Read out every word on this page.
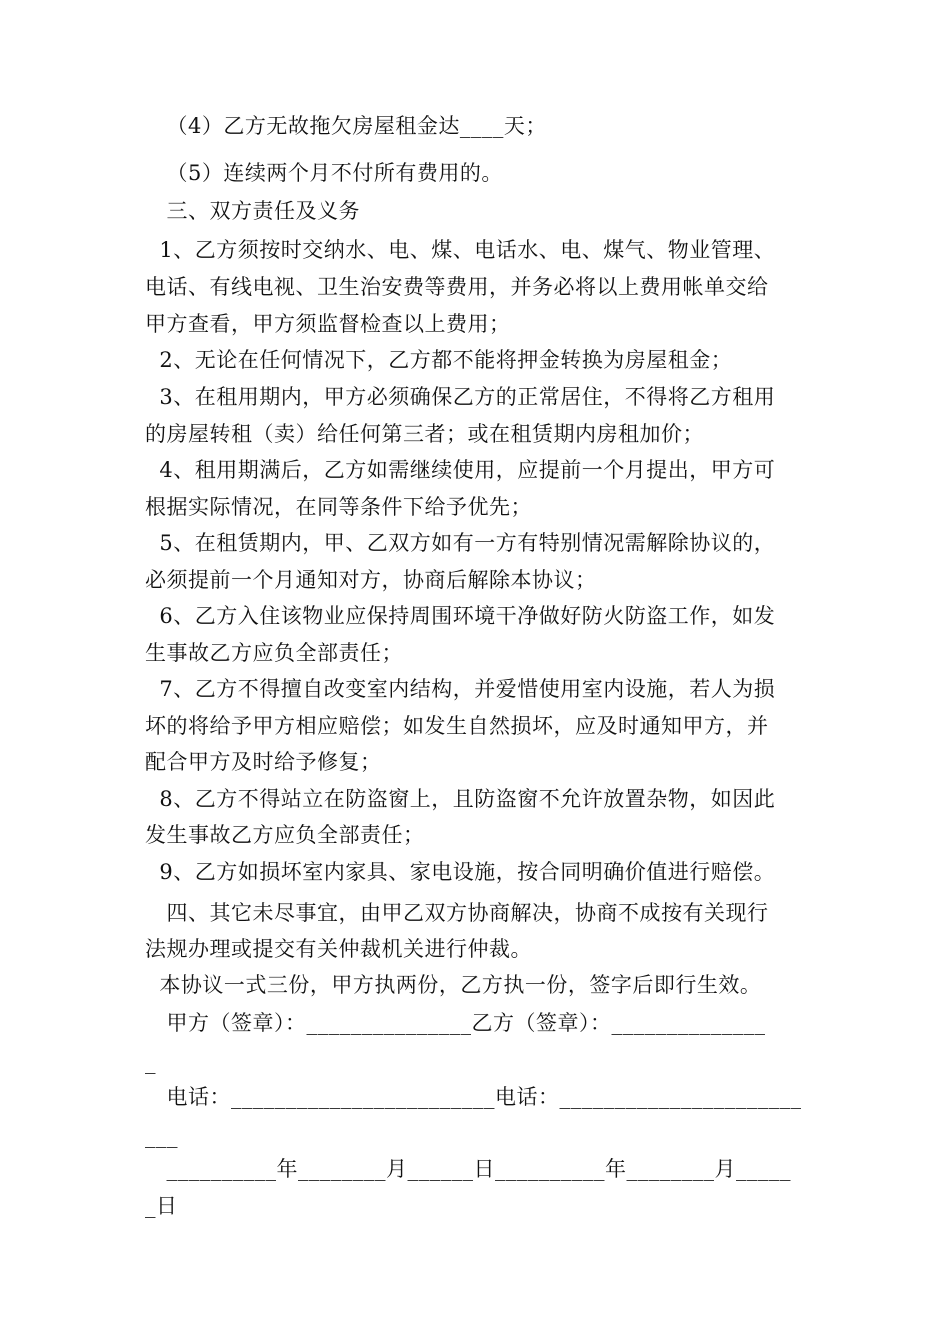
（4）乙方无故拖欠房屋租金达____天；
（5）连续两个月不付所有费用的。
三、双方责任及义务
1、乙方须按时交纳水、电、煤、电话水、电、煤气、物业管理、
电话、有线电视、卫生治安费等费用，并务必将以上费用帐单交给
甲方查看，甲方须监督检查以上费用；
2、无论在任何情况下，乙方都不能将押金转换为房屋租金；
3、在租用期内，甲方必须确保乙方的正常居住，不得将乙方租用
的房屋转租（卖）给任何第三者；或在租赁期内房租加价；
4、租用期满后，乙方如需继续使用，应提前一个月提出，甲方可
根据实际情况，在同等条件下给予优先；
5、在租赁期内，甲、乙双方如有一方有特别情况需解除协议的，
必须提前一个月通知对方，协商后解除本协议；
6、乙方入住该物业应保持周围环境干净做好防火防盗工作，如发
生事故乙方应负全部责任；
7、乙方不得擅自改变室内结构，并爱惜使用室内设施，若人为损
坏的将给予甲方相应赔偿；如发生自然损坏，应及时通知甲方，并
配合甲方及时给予修复；
8、乙方不得站立在防盗窗上，且防盗窗不允许放置杂物，如因此
发生事故乙方应负全部责任；
9、乙方如损坏室内家具、家电设施，按合同明确价值进行赔偿。
四、其它未尽事宜，由甲乙双方协商解决，协商不成按有关现行
法规办理或提交有关仲裁机关进行仲裁。
本协议一式三份，甲方执两份，乙方执一份，签字后即行生效。
甲方（签章）：_______________乙方（签章）：______________
_
电话：________________________电话：______________________
___
__________年________月______日__________年________月_____
_日
